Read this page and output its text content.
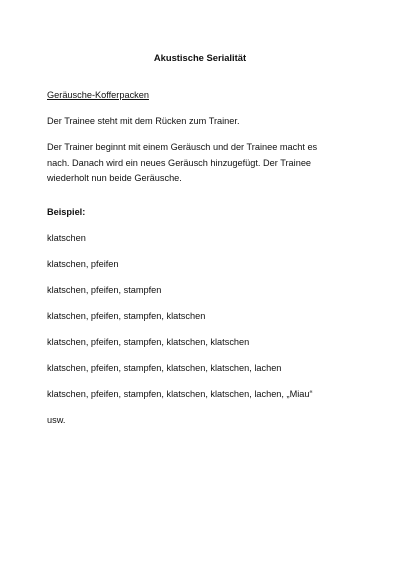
Akustische Serialität
Geräusche-Kofferpacken
Der Trainee steht mit dem Rücken zum Trainer.
Der Trainer beginnt mit einem Geräusch und der Trainee macht es
nach. Danach wird ein neues Geräusch hinzugefügt. Der Trainee
wiederholt nun beide Geräusche.
Beispiel:
klatschen
klatschen, pfeifen
klatschen, pfeifen, stampfen
klatschen, pfeifen, stampfen, klatschen
klatschen, pfeifen, stampfen, klatschen, klatschen
klatschen, pfeifen, stampfen, klatschen, klatschen, lachen
klatschen, pfeifen, stampfen, klatschen, klatschen, lachen, „Miau“
usw.
